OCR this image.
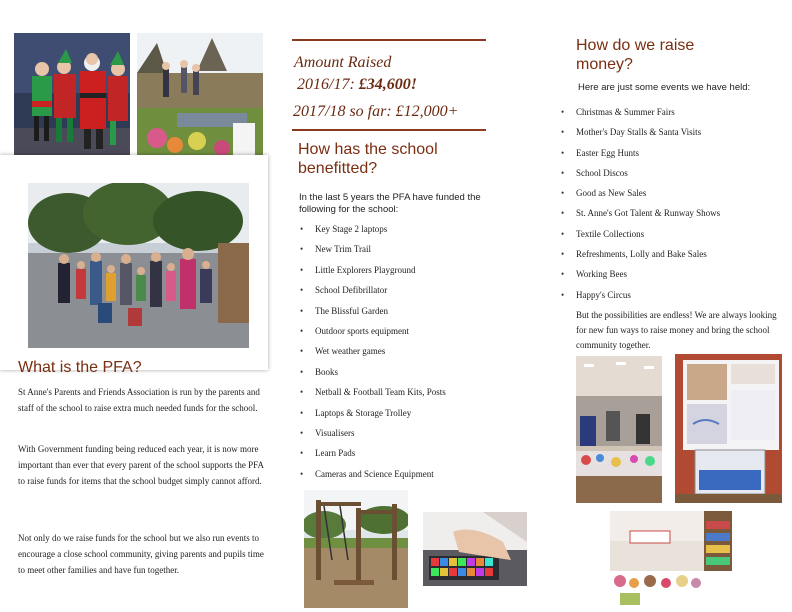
What is the PFA?
St Anne's Parents and Friends Association is run by the parents and staff of the school to raise extra much needed funds for the school.
With Government funding being reduced each year, it is now more important than ever that every parent of the school supports the PFA to raise funds for items that the school budget simply cannot afford.
Not only do we raise funds for the school but we also run events to encourage a close school community, giving parents and pupils time to meet other families and have fun together.
Amount Raised
2016/17: £34,600!
2017/18 so far: £12,000+
How has the school
benefitted?
In the last 5 years the PFA have funded the following for the school:
• Key Stage 2 laptops
• New Trim Trail
• Little Explorers Playground
• School Defibrillator
• The Blissful Garden
• Outdoor sports equipment
• Wet weather games
• Books
• Netball & Football Team Kits, Posts
• Laptops & Storage Trolley
• Visualisers
• Learn Pads
• Cameras and Science Equipment
How do we raise
money?
Here are just some events we have held:
• Christmas & Summer Fairs
• Mother's Day Stalls & Santa Visits
• Easter Egg Hunts
• School Discos
• Good as New Sales
• St. Anne's Got Talent & Runway Shows
• Textile Collections
• Refreshments, Lolly and Bake Sales
• Working Bees
• Happy's Circus
But the possibilities are endless! We are always looking for new fun ways to raise money and bring the school community together.
